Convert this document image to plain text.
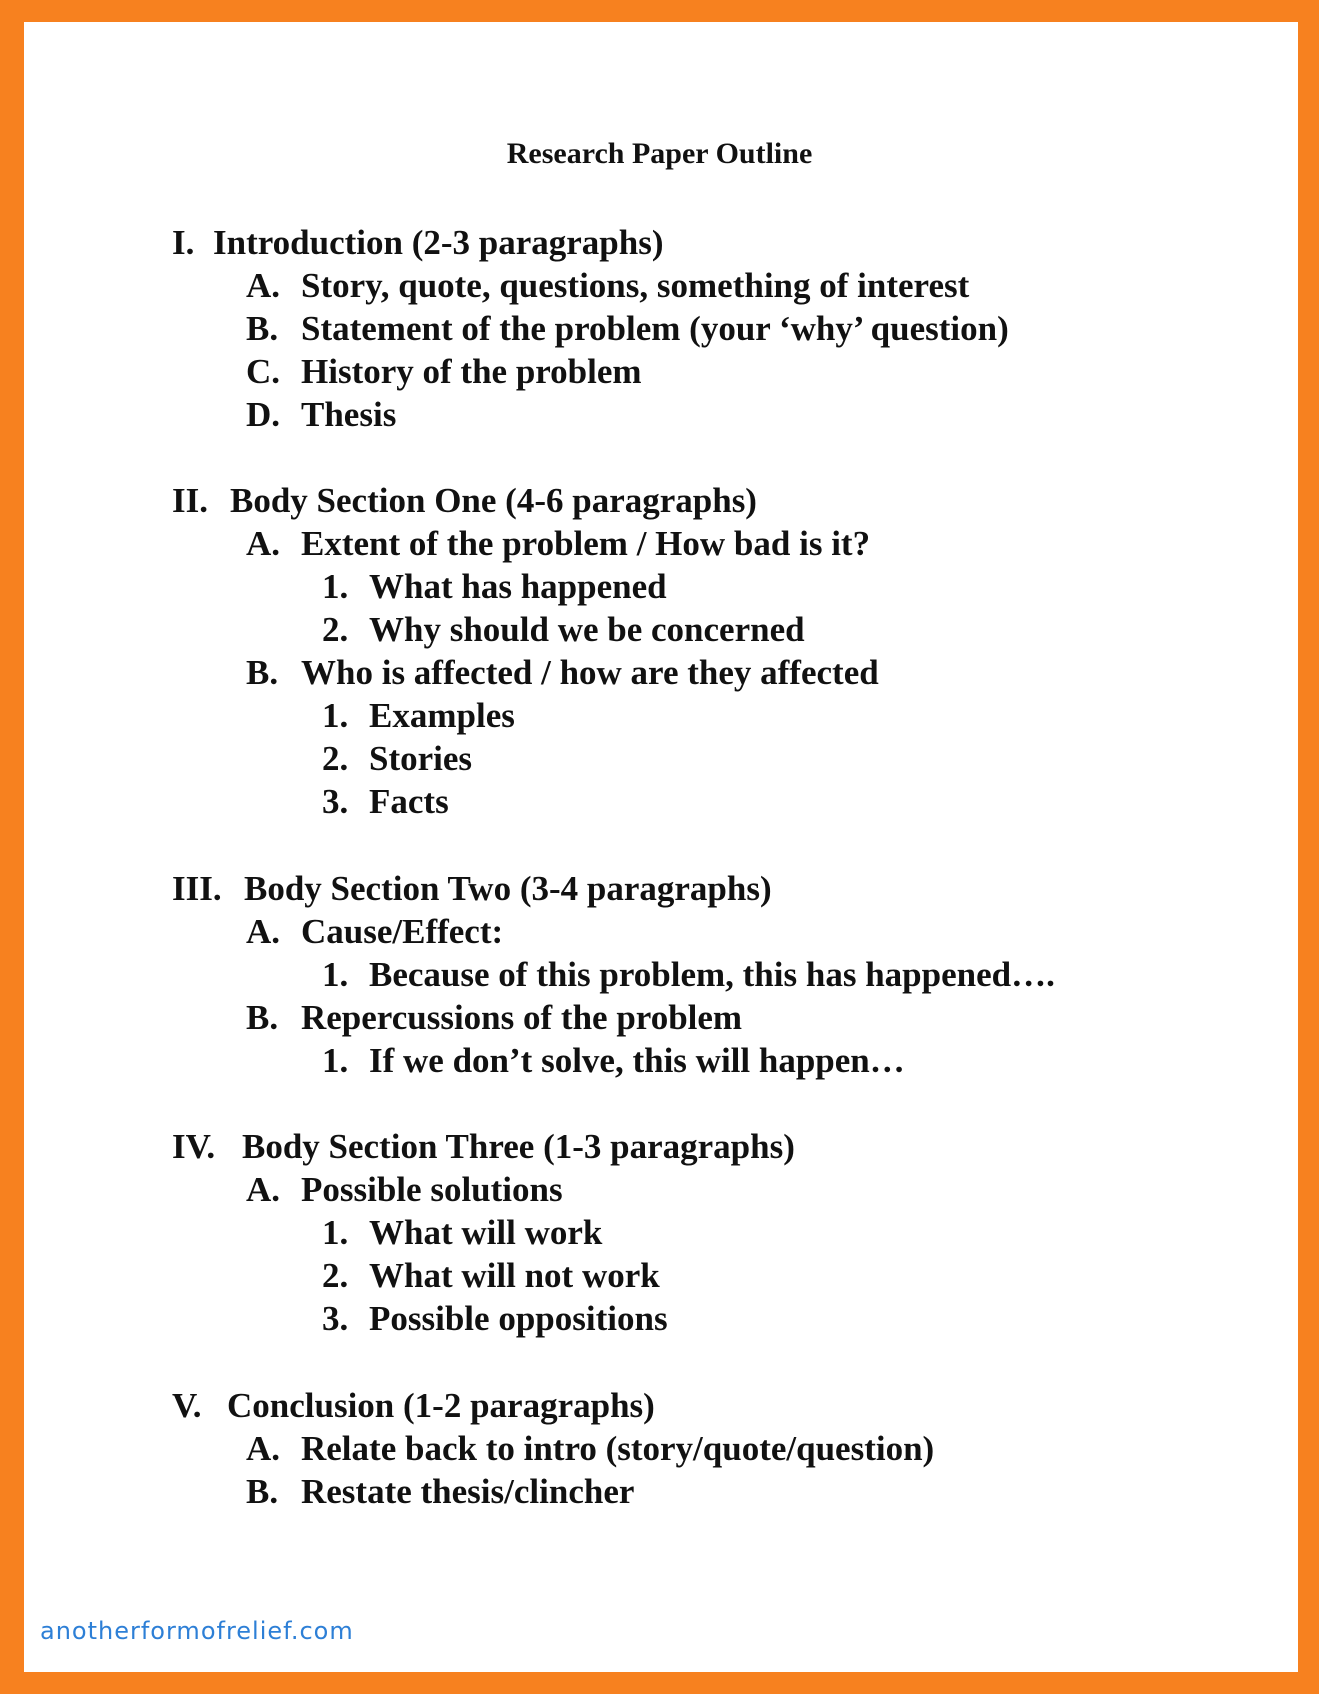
Research Paper Outline
I. Introduction (2-3 paragraphs)
A. Story, quote, questions, something of interest
B. Statement of the problem (your ‘why’ question)
C. History of the problem
D. Thesis
II. Body Section One (4-6 paragraphs)
A. Extent of the problem / How bad is it?
1. What has happened
2. Why should we be concerned
B. Who is affected / how are they affected
1. Examples
2. Stories
3. Facts
III. Body Section Two (3-4 paragraphs)
A. Cause/Effect:
1. Because of this problem, this has happened….
B. Repercussions of the problem
1. If we don’t solve, this will happen…
IV. Body Section Three (1-3 paragraphs)
A. Possible solutions
1. What will work
2. What will not work
3. Possible oppositions
V. Conclusion (1-2 paragraphs)
A. Relate back to intro (story/quote/question)
B. Restate thesis/clincher
anotherformofrelief.com
